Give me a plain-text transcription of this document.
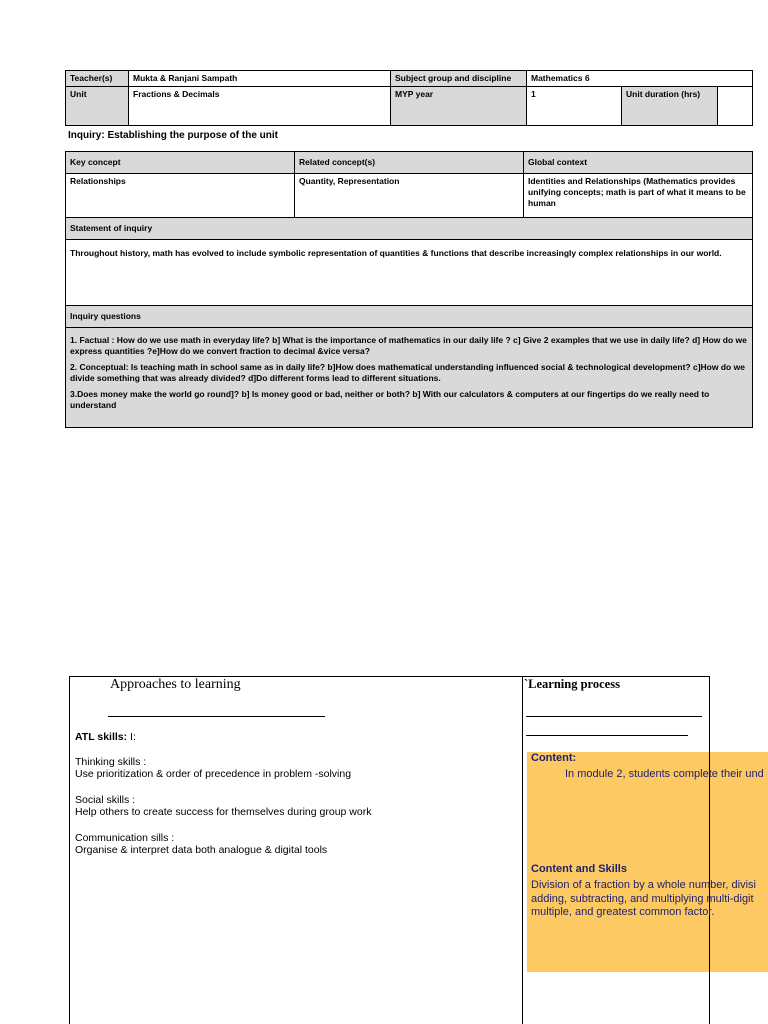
Teacher(s)	Mukta & Ranjani Sampath	Subject group and discipline	Mathematics 6		
Unit	Fractions & Decimals	MYP year	1	Unit duration (hrs)	
Inquiry: Establishing the purpose of the unit
Key concept	Related concept(s)	Global context
Relationships	Quantity, Representation	Identities and Relationships (Mathematics provides unifying concepts; math is part of what it means to be human
Statement of inquiry		
Throughout history, math has evolved to include symbolic representation of quantities & functions that describe increasingly complex relationships in our world.		
Inquiry questions		

1. Factual : How do we use math in everyday life? b] What is the importance of mathematics in our daily life ? c] Give 2 examples that we use in daily life? d] How do we express quantities ?e]How do we convert fraction to decimal &vice versa?

2. Conceptual: Is teaching math in school same as in daily life? b]How does mathematical understanding influenced social & technological development? c]How do we divide something that was already divided? d]Do different forms lead to different situations.

3.Does money make the world go round]? b] Is money good or bad, neither or both? b] With our calculators & computers at our fingertips do we really need to understand		

Approaches to learning
ATL skills: I:
Thinking skills :
Use prioritization & order of precedence in problem -solving
Social skills :
Help others to create success for themselves during group work
Communication sills :
Organise & interpret data both analogue & digital tools
`Learning process
Content:
In module 2, students complete their und
Content and Skills
Division of a fraction by a whole number, divisi adding, subtracting, and multiplying multi-digit multiple, and greatest common factor.
